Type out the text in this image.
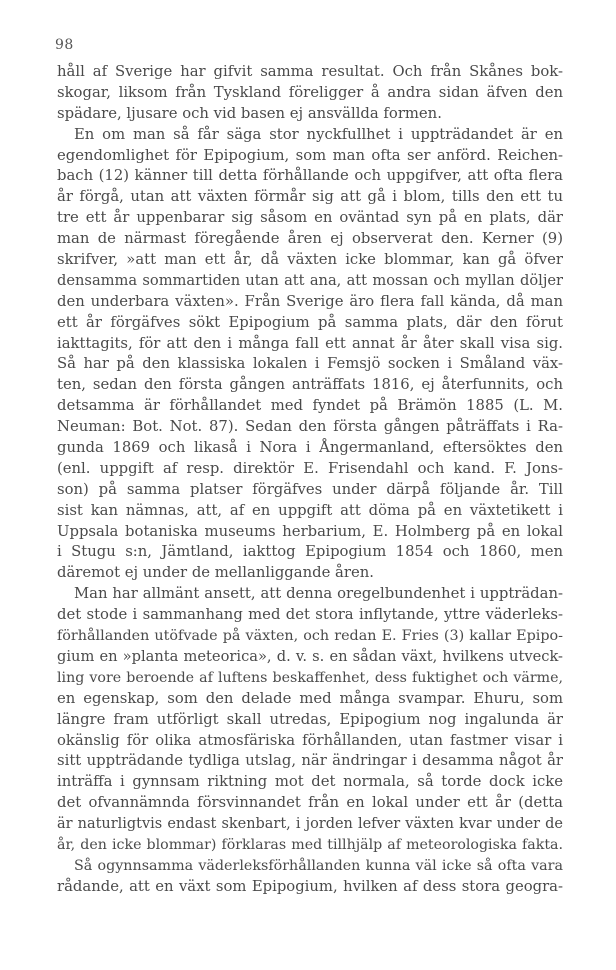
98
håll af Sverige har gifvit samma resultat. Och från Skånes bok-
skogar, liksom från Tyskland föreligger å andra sidan äfven den
spädare, ljusare och vid basen ej ansvällda formen.
En om man så får säga stor nyckfullhet i uppträdandet är en
egendomlighet för Epipogium, som man ofta ser anförd. Reichen-
bach (12) känner till detta förhållande och uppgifver, att ofta flera
år förgå, utan att växten förmår sig att gå i blom, tills den ett tu
tre ett år uppenbarar sig såsom en oväntad syn på en plats, där
man de närmast föregående åren ej observerat den. Kerner (9)
skrifver, »att man ett år, då växten icke blommar, kan gå öfver
densamma sommartiden utan att ana, att mossan och myllan döljer
den underbara växten». Från Sverige äro flera fall kända, då man
ett år förgäfves sökt Epipogium på samma plats, där den förut
iakttagits, för att den i många fall ett annat år åter skall visa sig.
Så har på den klassiska lokalen i Femsjö socken i Småland väx-
ten, sedan den första gången anträffats 1816, ej återfunnits, och
detsamma är förhållandet med fyndet på Brämön 1885 (L. M.
Neuman: Bot. Not. 87). Sedan den första gången påträffats i Ra-
gunda 1869 och likaså i Nora i Ångermanland, eftersöktes den
(enl. uppgift af resp. direktör E. Frisendahl och kand. F. Jons-
son) på samma platser förgäfves under därpå följande år. Till
sist kan nämnas, att, af en uppgift att döma på en växtetikett i
Uppsala botaniska museums herbarium, E. Holmberg på en lokal
i Stugu s:n, Jämtland, iakttog Epipogium 1854 och 1860, men
däremot ej under de mellanliggande åren.
Man har allmänt ansett, att denna oregelbundenhet i uppträdan-
det stode i sammanhang med det stora inflytande, yttre väderleks-
förhållanden utöfvade på växten, och redan E. Fries (3) kallar Epipo-
gium en »planta meteorica», d. v. s. en sådan växt, hvilkens utveck-
ling vore beroende af luftens beskaffenhet, dess fuktighet och värme,
en egenskap, som den delade med många svampar. Ehuru, som
längre fram utförligt skall utredas, Epipogium nog ingalunda är
okänslig för olika atmosfäriska förhållanden, utan fastmer visar i
sitt uppträdande tydliga utslag, när ändringar i desamma något år
inträffa i gynnsam riktning mot det normala, så torde dock icke
det ofvannämnda försvinnandet från en lokal under ett år (detta
är naturligtvis endast skenbart, i jorden lefver växten kvar under de
år, den icke blommar) förklaras med tillhjälp af meteorologiska fakta.
Så ogynnsamma väderleksförhållanden kunna väl icke så ofta vara
rådande, att en växt som Epipogium, hvilken af dess stora geogra-
